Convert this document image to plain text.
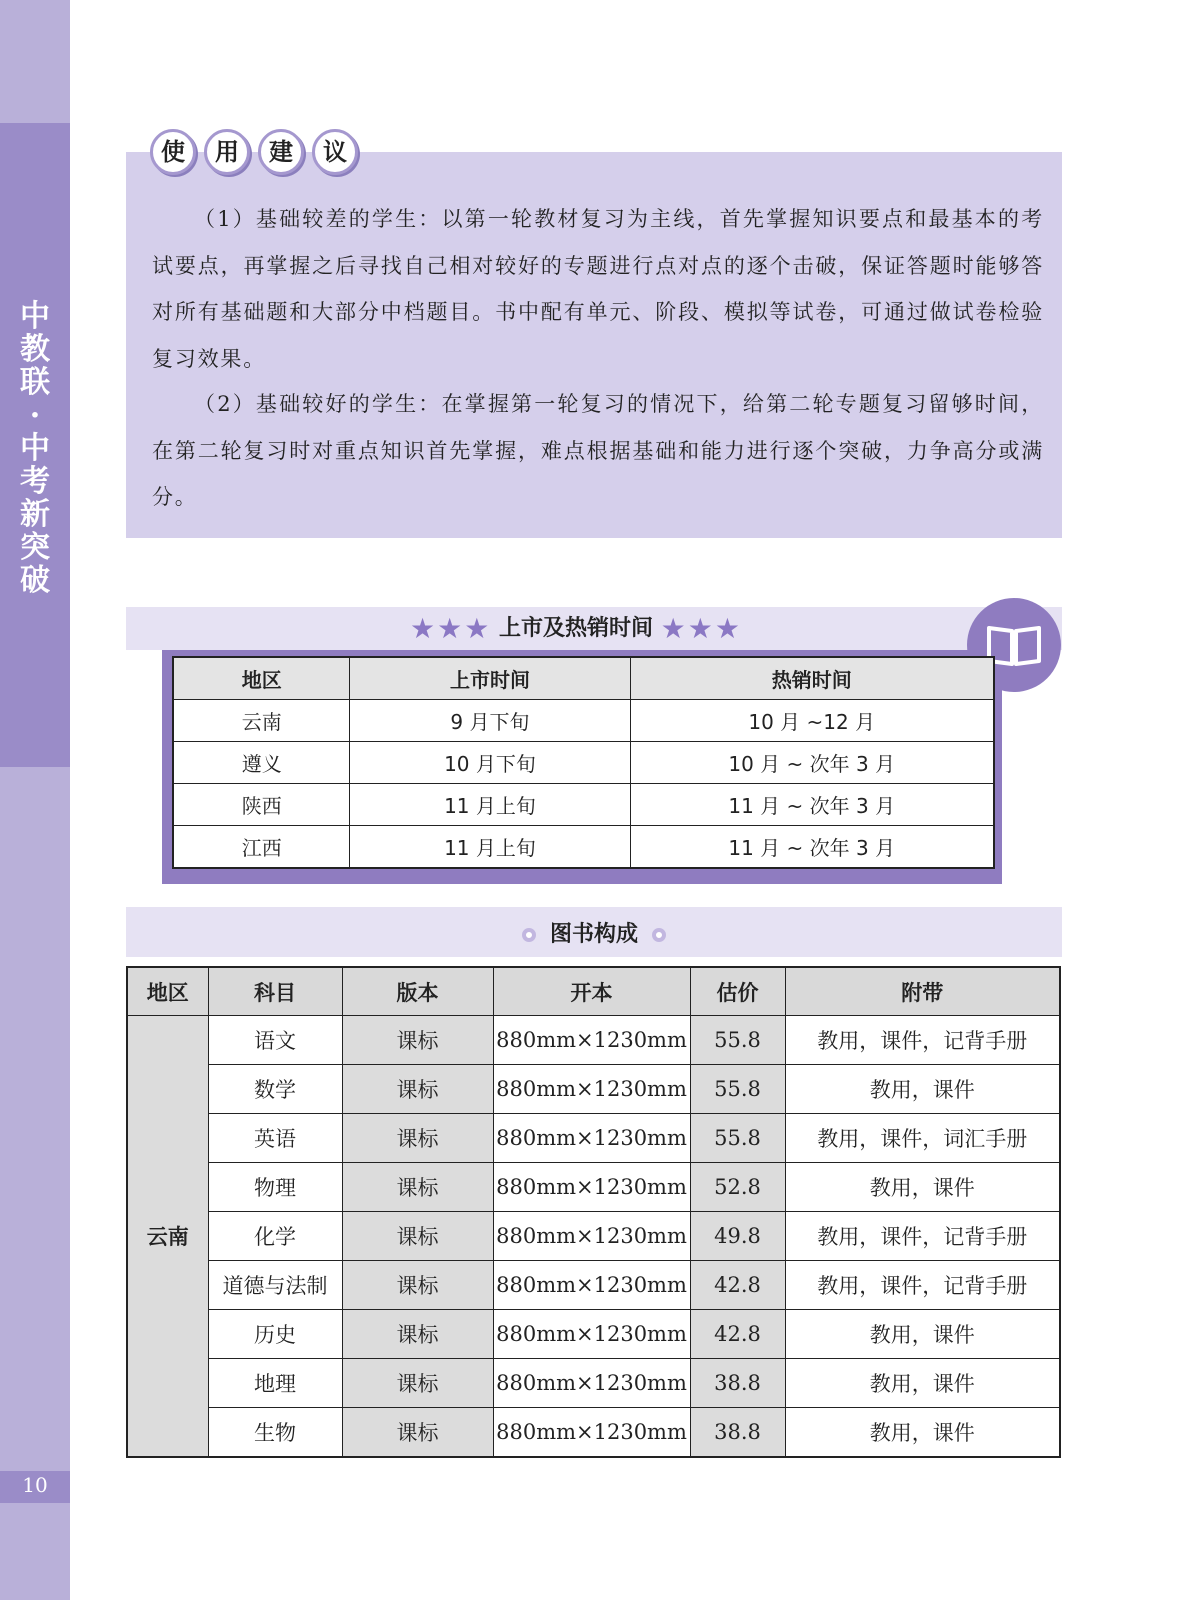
中
教
联
·
中
考
新
突
破
10
使	用	建	议
（1）基础较差的学生：以第一轮教材复习为主线，首先掌握知识要点和最基本的考试要点，再掌握之后寻找自己相对较好的专题进行点对点的逐个击破，保证答题时能够答对所有基础题和大部分中档题目。书中配有单元、阶段、模拟等试卷，可通过做试卷检验复习效果。
（2）基础较好的学生：在掌握第一轮复习的情况下，给第二轮专题复习留够时间，在第二轮复习时对重点知识首先掌握，难点根据基础和能力进行逐个突破，力争高分或满分。
★★★ 上市及热销时间 ★★★
地区	上市时间	热销时间
云南	9 月下旬	10 月 ~12 月
遵义	10 月下旬	10 月 ~ 次年 3 月
陕西	11 月上旬	11 月 ~ 次年 3 月
江西	11 月上旬	11 月 ~ 次年 3 月
图书构成
地区	科目	版本	开本	估价	附带
云南	语文	课标	880mm×1230mm	55.8	教用，课件，记背手册
	数学	课标	880mm×1230mm	55.8	教用，课件
	英语	课标	880mm×1230mm	55.8	教用，课件，词汇手册
	物理	课标	880mm×1230mm	52.8	教用，课件
	化学	课标	880mm×1230mm	49.8	教用，课件，记背手册
	道德与法制	课标	880mm×1230mm	42.8	教用，课件，记背手册
	历史	课标	880mm×1230mm	42.8	教用，课件
	地理	课标	880mm×1230mm	38.8	教用，课件
	生物	课标	880mm×1230mm	38.8	教用，课件
